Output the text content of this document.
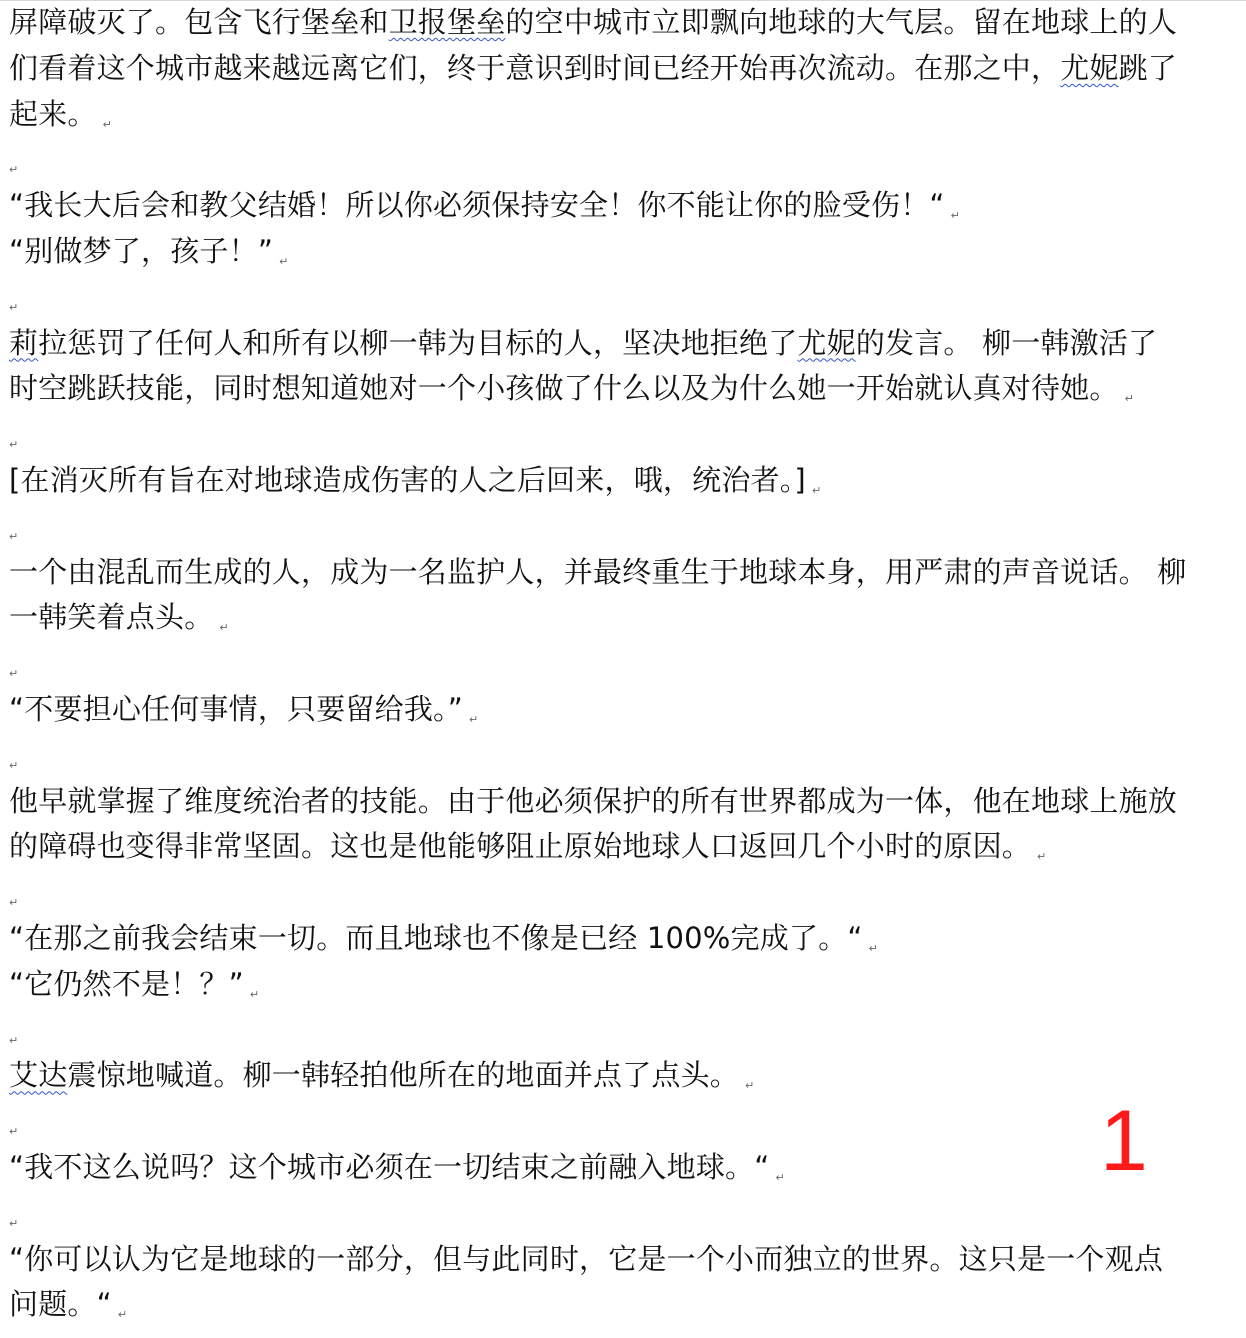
屏障破灭了。包含飞行堡垒和卫报堡垒的空中城市立即飘向地球的大气层。留在地球上的人
们看着这个城市越来越远离它们，终于意识到时间已经开始再次流动。在那之中，尤妮跳了
起来。 ↵
↵
“我长大后会和教父结婚！所以你必须保持安全！你不能让你的脸受伤！“ ↵
“别做梦了，孩子！” ↵
↵
莉拉惩罚了任何人和所有以柳一韩为目标的人，坚决地拒绝了尤妮的发言。 柳一韩激活了
时空跳跃技能，同时想知道她对一个小孩做了什么以及为什么她一开始就认真对待她。 ↵
↵
[在消灭所有旨在对地球造成伤害的人之后回来，哦，统治者。] ↵
↵
一个由混乱而生成的人，成为一名监护人，并最终重生于地球本身，用严肃的声音说话。 柳
一韩笑着点头。 ↵
↵
“不要担心任何事情，只要留给我。” ↵
↵
他早就掌握了维度统治者的技能。由于他必须保护的所有世界都成为一体，他在地球上施放
的障碍也变得非常坚固。这也是他能够阻止原始地球人口返回几个小时的原因。 ↵
↵
“在那之前我会结束一切。而且地球也不像是已经 100%完成了。“ ↵
“它仍然不是！？” ↵
↵
艾达震惊地喊道。柳一韩轻拍他所在的地面并点了点头。 ↵
↵
“我不这么说吗？这个城市必须在一切结束之前融入地球。“ ↵
↵
“你可以认为它是地球的一部分，但与此同时，它是一个小而独立的世界。这只是一个观点
问题。“ ↵
1
